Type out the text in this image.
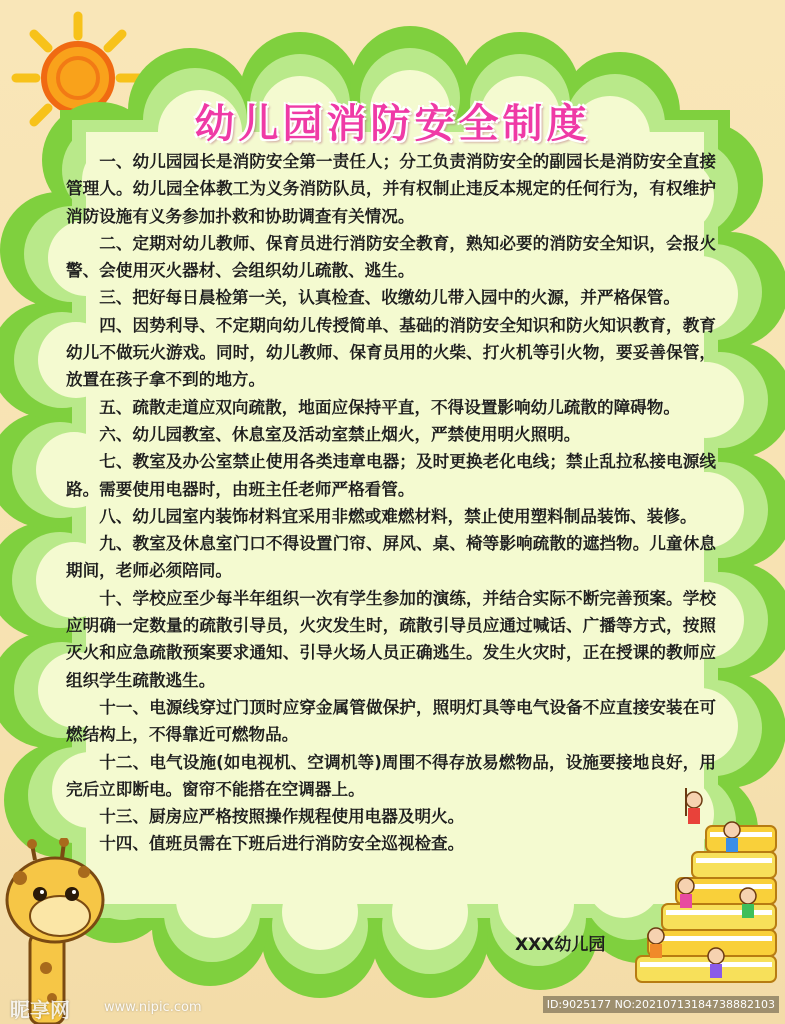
幼儿园消防安全制度

一、幼儿园园长是消防安全第一责任人；分工负责消防安全的副园长是消防安全直接管理人。幼儿园全体教工为义务消防队员，并有权制止违反本规定的任何行为，有权维护消防设施有义务参加扑救和协助调查有关情况。

二、定期对幼儿教师、保育员进行消防安全教育，熟知必要的消防安全知识，会报火警、会使用灭火器材、会组织幼儿疏散、逃生。

三、把好每日晨检第一关，认真检查、收缴幼儿带入园中的火源，并严格保管。

四、因势利导、不定期向幼儿传授简单、基础的消防安全知识和防火知识教育，教育幼儿不做玩火游戏。同时，幼儿教师、保育员用的火柴、打火机等引火物，要妥善保管，放置在孩子拿不到的地方。

五、疏散走道应双向疏散，地面应保持平直，不得设置影响幼儿疏散的障碍物。

六、幼儿园教室、休息室及活动室禁止烟火，严禁使用明火照明。

七、教室及办公室禁止使用各类违章电器；及时更换老化电线；禁止乱拉私接电源线路。需要使用电器时，由班主任老师严格看管。

八、幼儿园室内装饰材料宜采用非燃或难燃材料，禁止使用塑料制品装饰、装修。

九、教室及休息室门口不得设置门帘、屏风、桌、椅等影响疏散的遮挡物。儿童休息期间，老师必须陪同。

十、学校应至少每半年组织一次有学生参加的演练，并结合实际不断完善预案。学校应明确一定数量的疏散引导员，火灾发生时，疏散引导员应通过喊话、广播等方式，按照灭火和应急疏散预案要求通知、引导火场人员正确逃生。发生火灾时，正在授课的教师应组织学生疏散逃生。

十一、电源线穿过门顶时应穿金属管做保护，照明灯具等电气设备不应直接安装在可燃结构上，不得靠近可燃物品。

十二、电气设施(如电视机、空调机等)周围不得存放易燃物品，设施要接地良好，用完后立即断电。窗帘不能搭在空调器上。

十三、厨房应严格按照操作规程使用电器及明火。

十四、值班员需在下班后进行消防安全巡视检查。

XXX幼儿园
昵享网	www.nipic.com	ID:9025177 NO:20210713184738882103
